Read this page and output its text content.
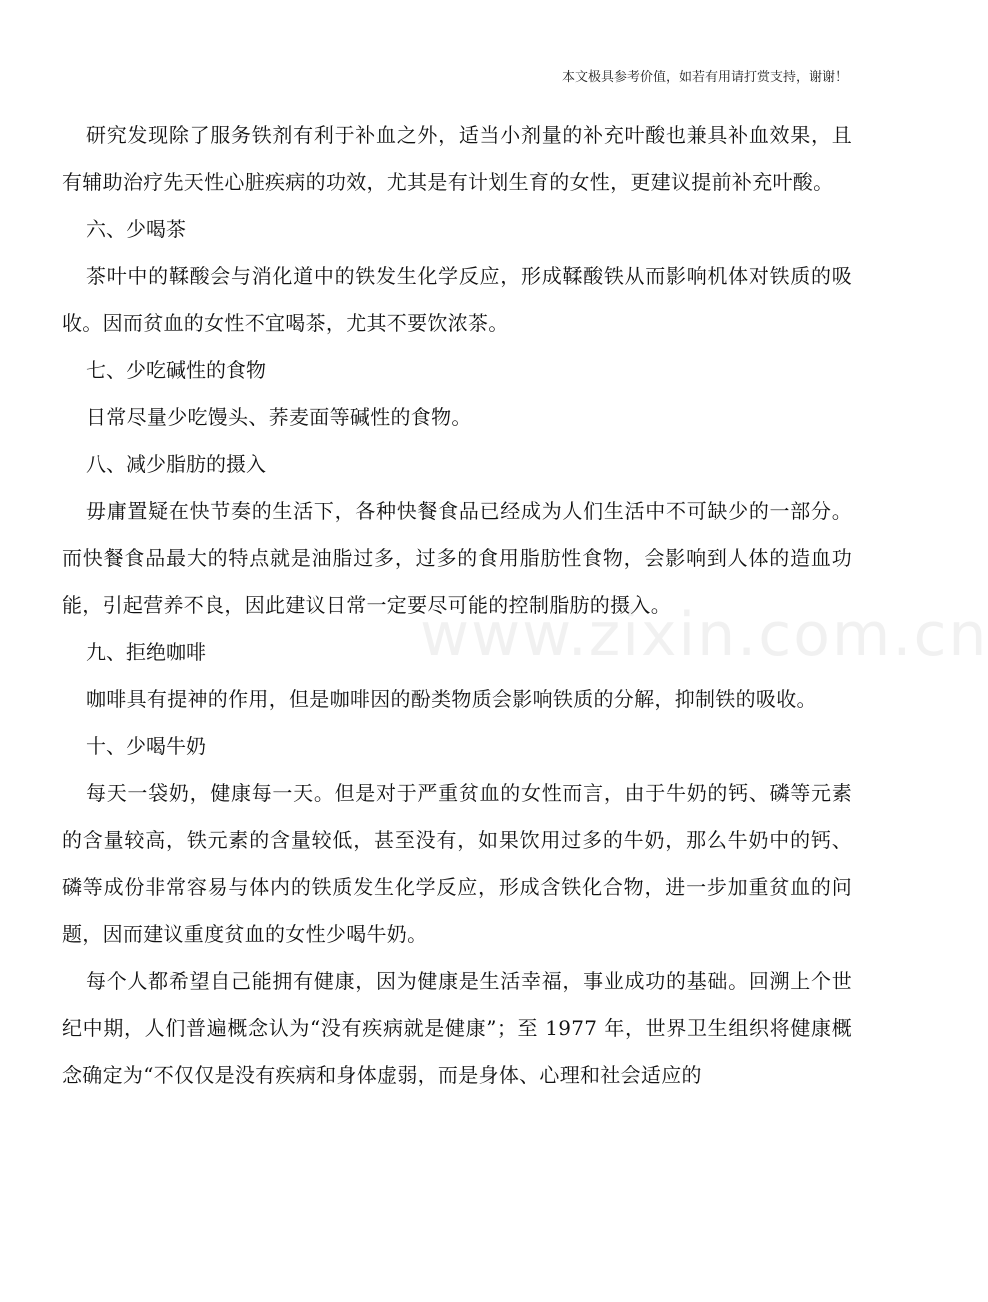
本文极具参考价值，如若有用请打赏支持，谢谢！
www.zixin.com.cn

研究发现除了服务铁剂有利于补血之外，适当小剂量的补充叶酸也兼具补血效果，且有辅助治疗先天性心脏疾病的功效，尤其是有计划生育的女性，更建议提前补充叶酸。

六、少喝茶

茶叶中的鞣酸会与消化道中的铁发生化学反应，形成鞣酸铁从而影响机体对铁质的吸收。因而贫血的女性不宜喝茶，尤其不要饮浓茶。

七、少吃碱性的食物

日常尽量少吃馒头、荞麦面等碱性的食物。

八、减少脂肪的摄入

毋庸置疑在快节奏的生活下，各种快餐食品已经成为人们生活中不可缺少的一部分。而快餐食品最大的特点就是油脂过多，过多的食用脂肪性食物，会影响到人体的造血功能，引起营养不良，因此建议日常一定要尽可能的控制脂肪的摄入。

九、拒绝咖啡

咖啡具有提神的作用，但是咖啡因的酚类物质会影响铁质的分解，抑制铁的吸收。

十、少喝牛奶

每天一袋奶，健康每一天。但是对于严重贫血的女性而言，由于牛奶的钙、磷等元素的含量较高，铁元素的含量较低，甚至没有，如果饮用过多的牛奶，那么牛奶中的钙、磷等成份非常容易与体内的铁质发生化学反应，形成含铁化合物，进一步加重贫血的问题，因而建议重度贫血的女性少喝牛奶。

每个人都希望自己能拥有健康，因为健康是生活幸福，事业成功的基础。回溯上个世纪中期，人们普遍概念认为“没有疾病就是健康”；至 1977 年，世界卫生组织将健康概念确定为“不仅仅是没有疾病和身体虚弱，而是身体、心理和社会适应的
